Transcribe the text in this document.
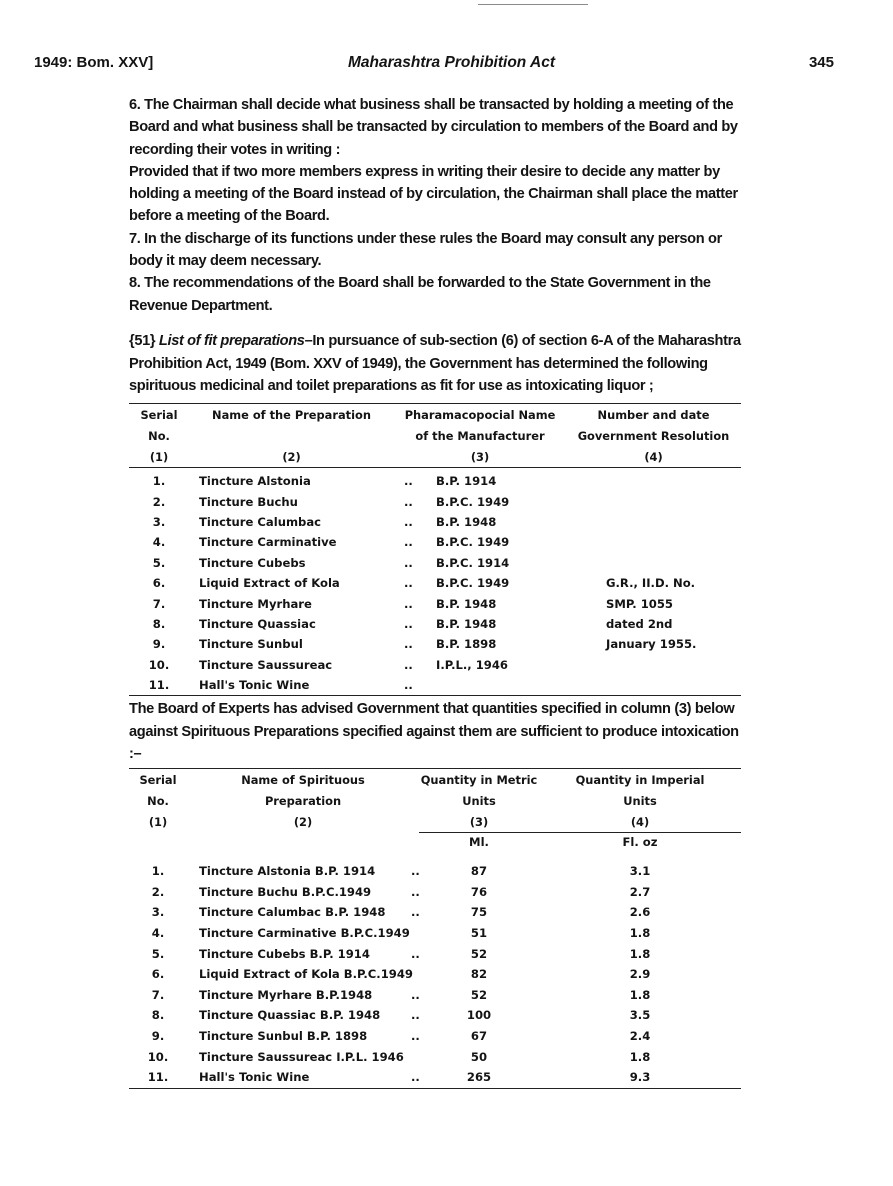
1949: Bom. XXV]	Maharashtra Prohibition Act	345

6. The Chairman shall decide what business shall be transacted by holding a meeting of the Board and what business shall be transacted by circulation to members of the Board and by recording their votes in writing :

Provided that if two more members express in writing their desire to decide any matter by holding a meeting of the Board instead of by circulation, the Chairman shall place the matter before a meeting of the Board.

7. In the discharge of its functions under these rules the Board may consult any person or body it may deem necessary.

8. The recommendations of the Board shall be forwarded to the State Government in the Revenue Department.

{51} List of fit preparations–In pursuance of sub-section (6) of section 6-A of the Maharashtra Prohibition Act, 1949 (Bom. XXV of 1949), the Government has determined the following spirituous medicinal and toilet preparations as fit for use as intoxicating liquor ;
Serial	Name of the Preparation	Pharamacopocial Name	Number and date
No.		of the Manufacturer	Government Resolution
(1)	(2)	(3)	(4)
1.	Tincture Alstonia	.. B.P. 1914	
2.	Tincture Buchu	.. B.P.C. 1949	
3.	Tincture Calumbac	.. B.P. 1948	
4.	Tincture Carminative	.. B.P.C. 1949	
5.	Tincture Cubebs	.. B.P.C. 1914	
6.	Liquid Extract of Kola	.. B.P.C. 1949	G.R., II.D. No.
7.	Tincture Myrhare	.. B.P. 1948	SMP. 1055
8.	Tincture Quassiac	.. B.P. 1948	dated 2nd
9.	Tincture Sunbul	.. B.P. 1898	January 1955.
10.	Tincture Saussureac	.. I.P.L., 1946	
11.	Hall's Tonic Wine	..	
The Board of Experts has advised Government that quantities specified in column (3) below against Spirituous Preparations specified against them are sufficient to produce intoxication :–
Serial	Name of Spirituous	Quantity in Metric	Quantity in Imperial
No.	Preparation	Units	Units
(1)	(2)	(3)	(4)
		Ml.	Fl. oz
1.	Tincture Alstonia B.P. 1914 ..	87	3.1
2.	Tincture Buchu B.P.C.1949 ..	76	2.7
3.	Tincture Calumbac B.P. 1948 ..	75	2.6
4.	Tincture Carminative B.P.C.1949	51	1.8
5.	Tincture Cubebs B.P. 1914 ..	52	1.8
6.	Liquid Extract of Kola B.P.C.1949	82	2.9
7.	Tincture Myrhare B.P.1948 ..	52	1.8
8.	Tincture Quassiac B.P. 1948 ..	100	3.5
9.	Tincture Sunbul B.P. 1898 ..	67	2.4
10.	Tincture Saussureac I.P.L. 1946	50	1.8
11.	Hall's Tonic Wine ..	265	9.3
